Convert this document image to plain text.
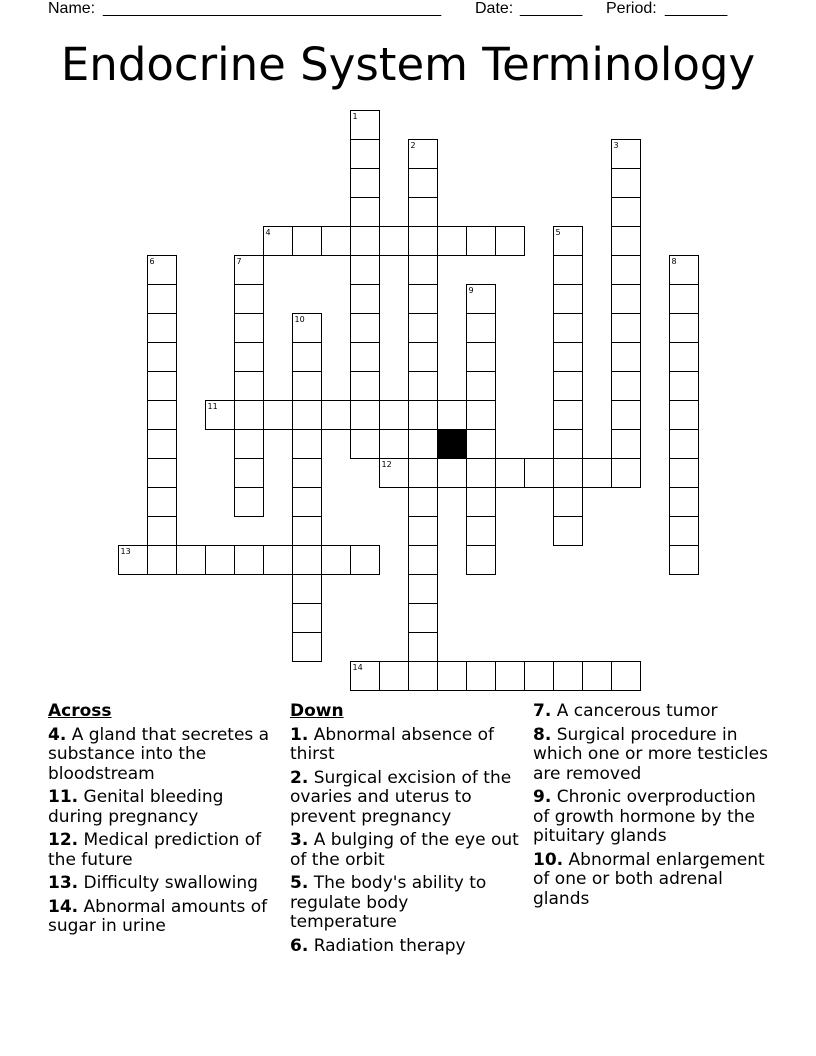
Name: ______________________________________ Date: _______ Period: _______
Endocrine System Terminology
1
2	3
4	5
6	7	8
9
10
11
12
13
14
Across
4. A gland that secretes a substance into the bloodstream
11. Genital bleeding during pregnancy
12. Medical prediction of the future
13. Difficulty swallowing
14. Abnormal amounts of sugar in urine
Down
1. Abnormal absence of thirst
2. Surgical excision of the ovaries and uterus to prevent pregnancy
3. A bulging of the eye out of the orbit
5. The body's ability to regulate body temperature
6. Radiation therapy
7. A cancerous tumor
8. Surgical procedure in which one or more testicles are removed
9. Chronic overproduction of growth hormone by the pituitary glands
10. Abnormal enlargement of one or both adrenal glands
